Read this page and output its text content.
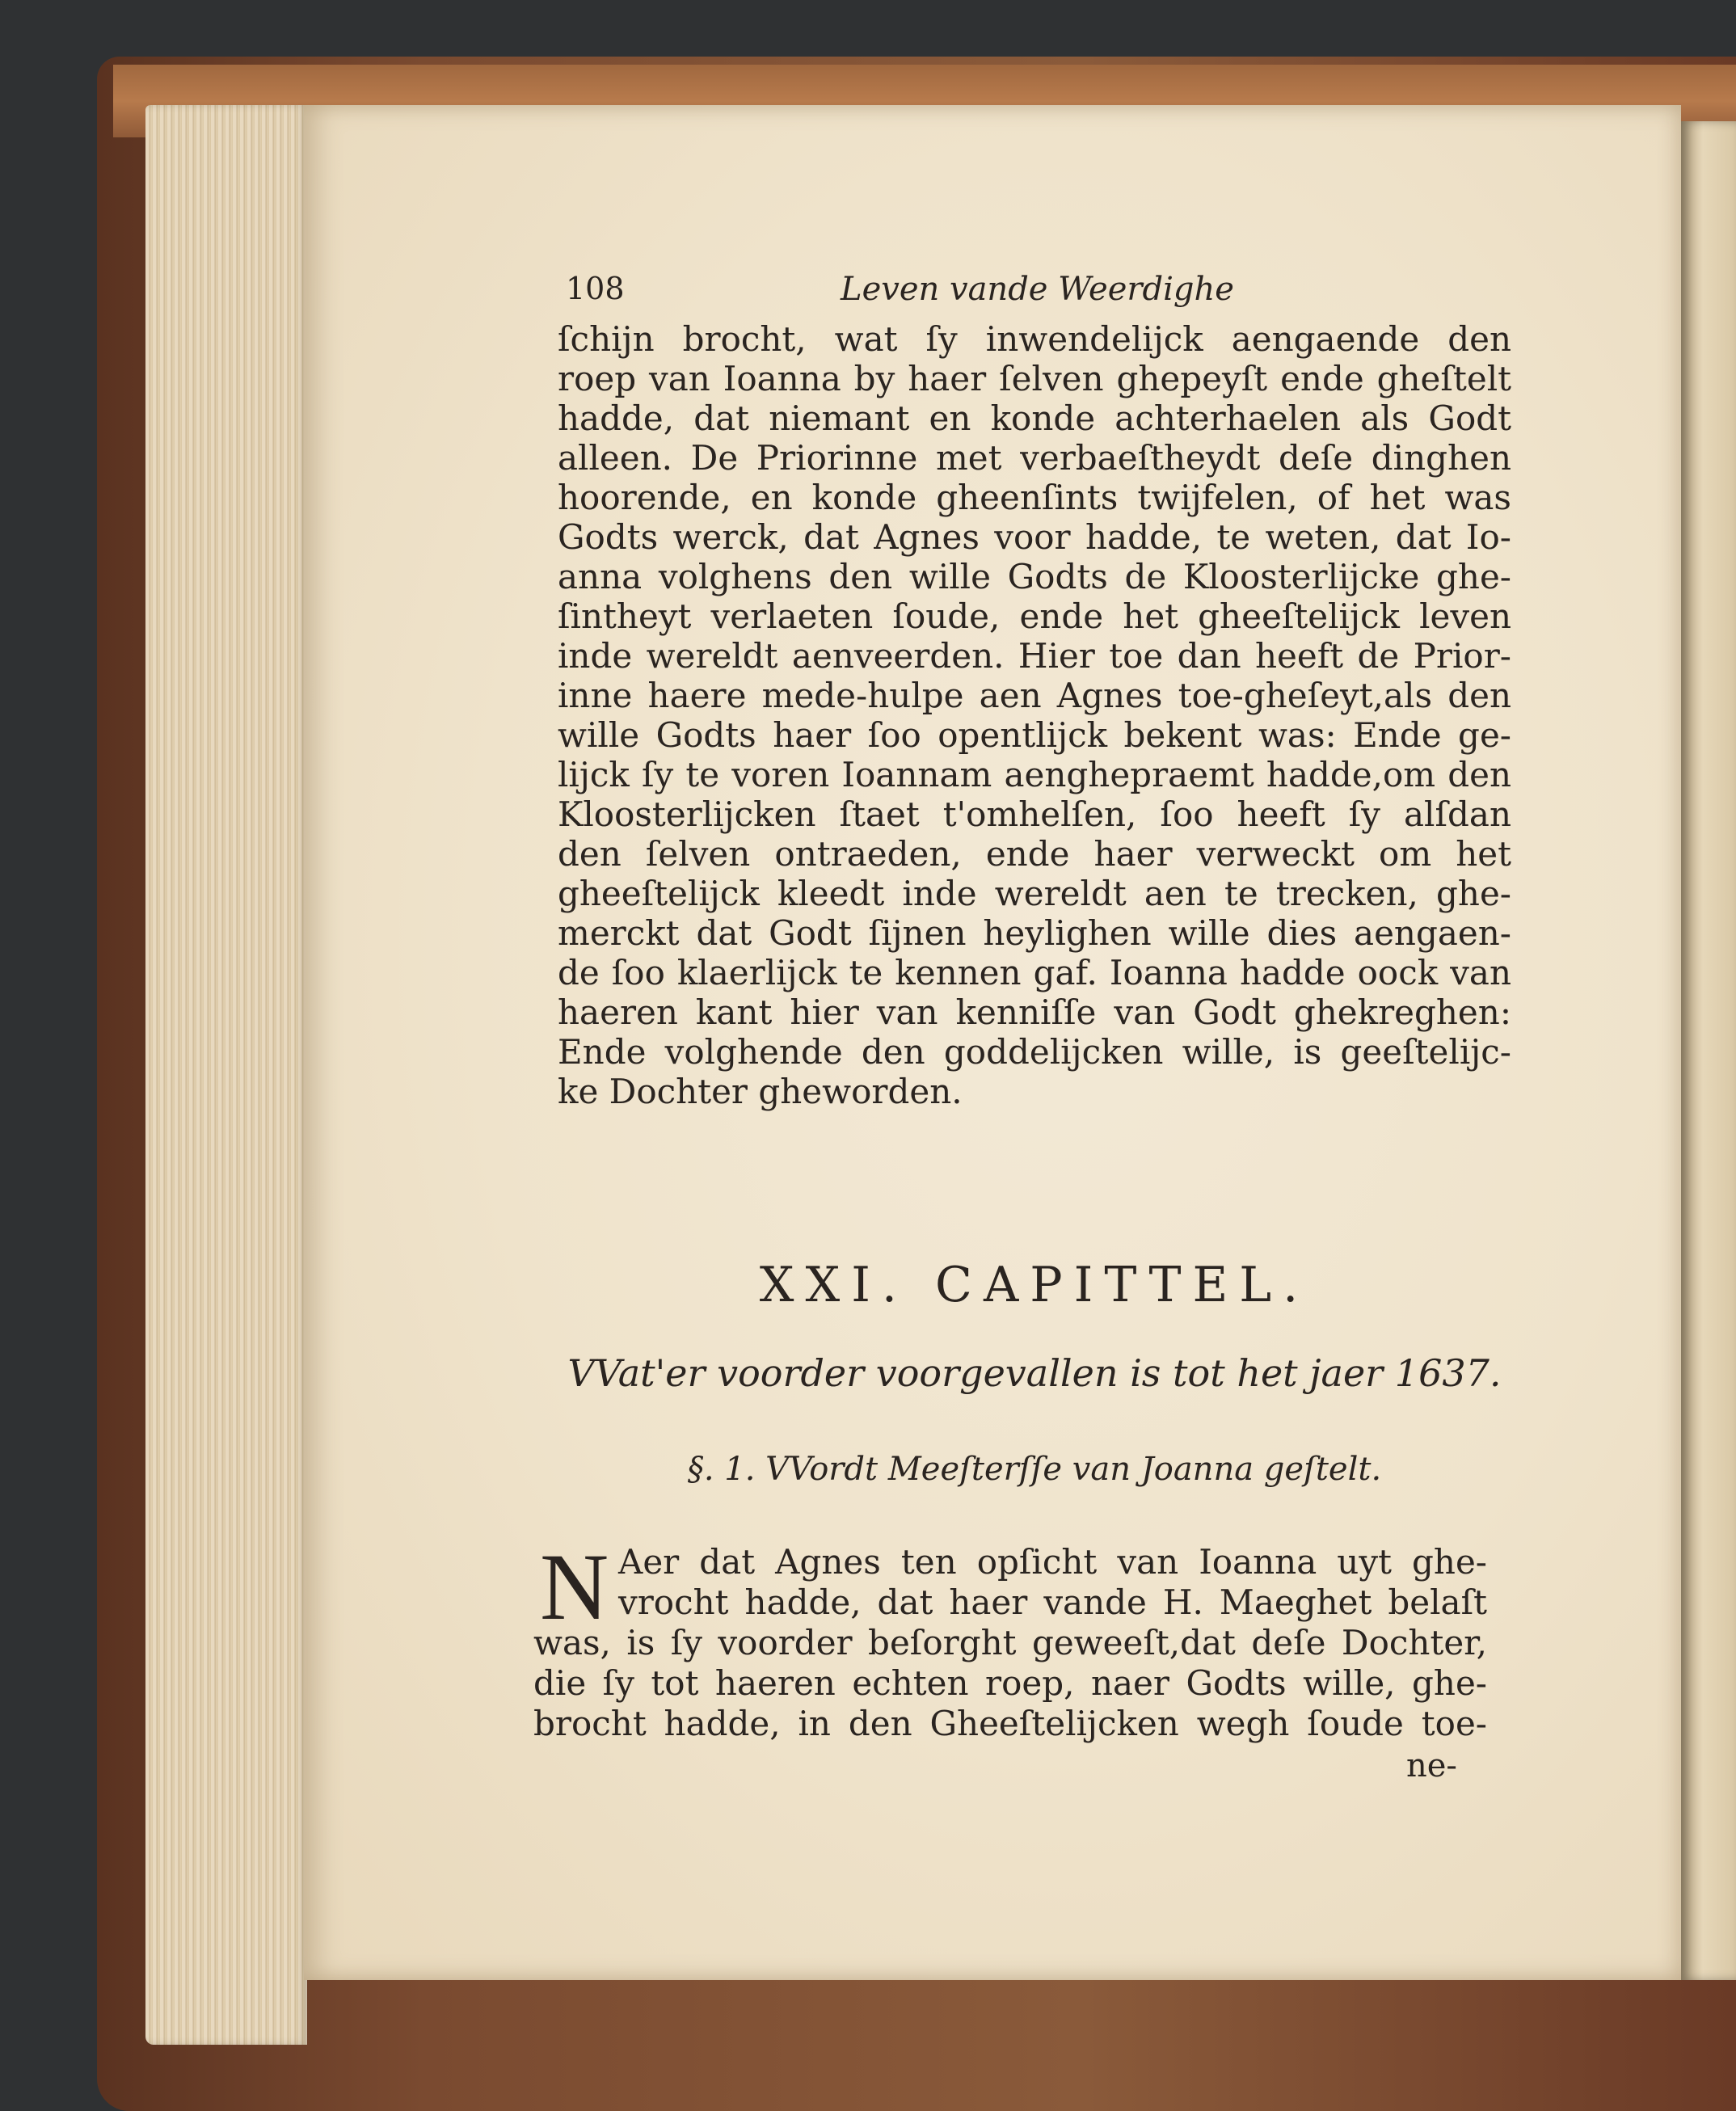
108	Leven vande Weerdighe
ſchijn brocht, wat ſy inwendelijck aengaende den
roep van Ioanna by haer ſelven ghepeyſt ende gheſtelt
hadde, dat niemant en konde achterhaelen als Godt
alleen. De Priorinne met verbaeſtheydt deſe dinghen
hoorende, en konde gheenſints twijfelen, of het was
Godts werck, dat Agnes voor hadde, te weten, dat Io-
anna volghens den wille Godts de Kloosterlijcke ghe-
ſintheyt verlaeten ſoude, ende het gheeſtelijck leven
inde wereldt aenveerden. Hier toe dan heeft de Prior-
inne haere mede-hulpe aen Agnes toe-gheſeyt,als den
wille Godts haer ſoo opentlijck bekent was: Ende ge-
lijck ſy te voren Ioannam aenghepraemt hadde,om den
Kloosterlijcken ſtaet t'omhelſen, ſoo heeft ſy alſdan
den ſelven ontraeden, ende haer verweckt om het
gheeſtelijck kleedt inde wereldt aen te trecken, ghe-
merckt dat Godt ſijnen heylighen wille dies aengaen-
de ſoo klaerlijck te kennen gaf. Ioanna hadde oock van
haeren kant hier van kenniſſe van Godt ghekreghen:
Ende volghende den goddelijcken wille, is geeſtelijc-
ke Dochter gheworden.
XXI. CAPITTEL.
VVat'er voorder voorgevallen is tot het jaer 1637.
§. 1. VVordt Meeſterſſe van Joanna geſtelt.
N Aer dat Agnes ten opſicht van Ioanna uyt ghe-
vrocht hadde, dat haer vande H. Maeghet belaſt
was, is ſy voorder beſorght geweeſt,dat deſe Dochter,
die ſy tot haeren echten roep, naer Godts wille, ghe-
brocht hadde, in den Gheeſtelijcken wegh ſoude toe-
ne-
